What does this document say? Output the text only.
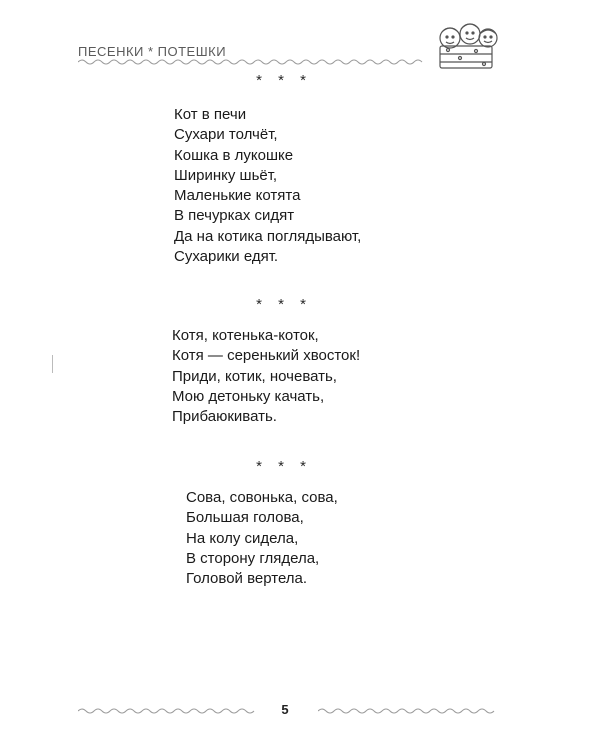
ПЕСЕНКИ * ПОТЕШКИ
* * *
Кот в печи
Сухари толчёт,
Кошка в лукошке
Ширинку шьёт,
Маленькие котята
В печурках сидят
Да на котика поглядывают,
Сухарики едят.
* * *
Котя, котенька-коток,
Котя — серенький хвосток!
Приди, котик, ночевать,
Мою детоньку качать,
Прибаюкивать.
* * *
Сова, совонька, сова,
Большая голова,
На колу сидела,
В сторону глядела,
Головой вертела.
5
